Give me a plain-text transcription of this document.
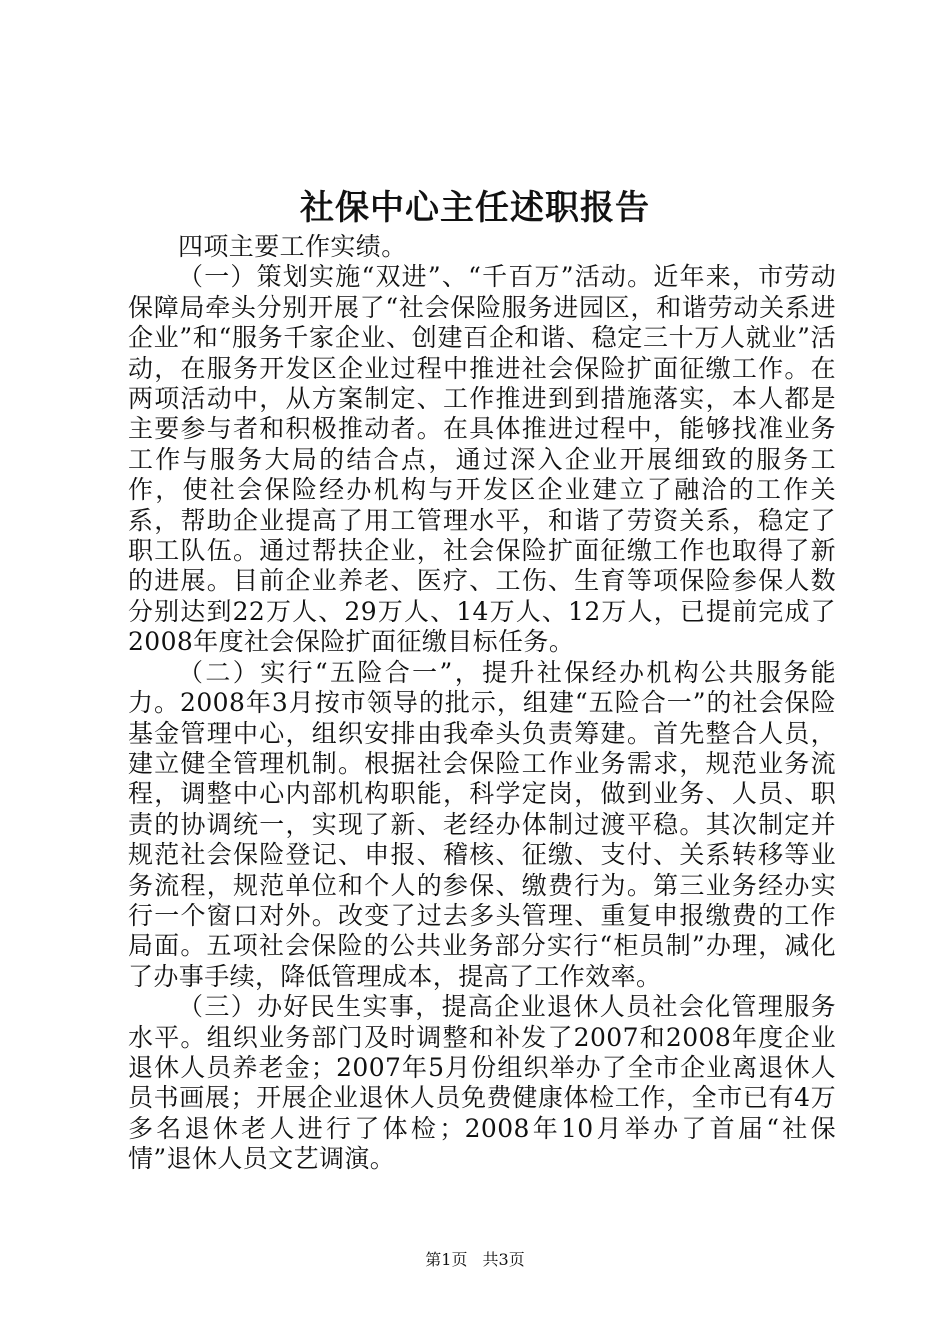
社保中心主任述职报告

四项主要工作实绩。

（一）策划实施“双进”、“千百万”活动。近年来，市劳动保障局牵头分别开展了“社会保险服务进园区，和谐劳动关系进企业”和“服务千家企业、创建百企和谐、稳定三十万人就业”活动，在服务开发区企业过程中推进社会保险扩面征缴工作。在两项活动中，从方案制定、工作推进到到措施落实，本人都是主要参与者和积极推动者。在具体推进过程中，能够找准业务工作与服务大局的结合点，通过深入企业开展细致的服务工作，使社会保险经办机构与开发区企业建立了融洽的工作关系，帮助企业提高了用工管理水平，和谐了劳资关系，稳定了职工队伍。通过帮扶企业，社会保险扩面征缴工作也取得了新的进展。目前企业养老、医疗、工伤、生育等项保险参保人数分别达到22万人、29万人、14万人、12万人，已提前完成了2008年度社会保险扩面征缴目标任务。

（二）实行“五险合一”，提升社保经办机构公共服务能力。2008年3月按市领导的批示，组建“五险合一”的社会保险基金管理中心，组织安排由我牵头负责筹建。首先整合人员，建立健全管理机制。根据社会保险工作业务需求，规范业务流程，调整中心内部机构职能，科学定岗，做到业务、人员、职责的协调统一，实现了新、老经办体制过渡平稳。其次制定并规范社会保险登记、申报、稽核、征缴、支付、关系转移等业务流程，规范单位和个人的参保、缴费行为。第三业务经办实行一个窗口对外。改变了过去多头管理、重复申报缴费的工作局面。五项社会保险的公共业务部分实行“柜员制”办理，减化了办事手续，降低管理成本，提高了工作效率。

（三）办好民生实事，提高企业退休人员社会化管理服务水平。组织业务部门及时调整和补发了2007和2008年度企业退休人员养老金；2007年5月份组织举办了全市企业离退休人员书画展；开展企业退休人员免费健康体检工作，全市已有4万多名退休老人进行了体检；2008年10月举办了首届“社保情”退休人员文艺调演。

第1页 共3页
